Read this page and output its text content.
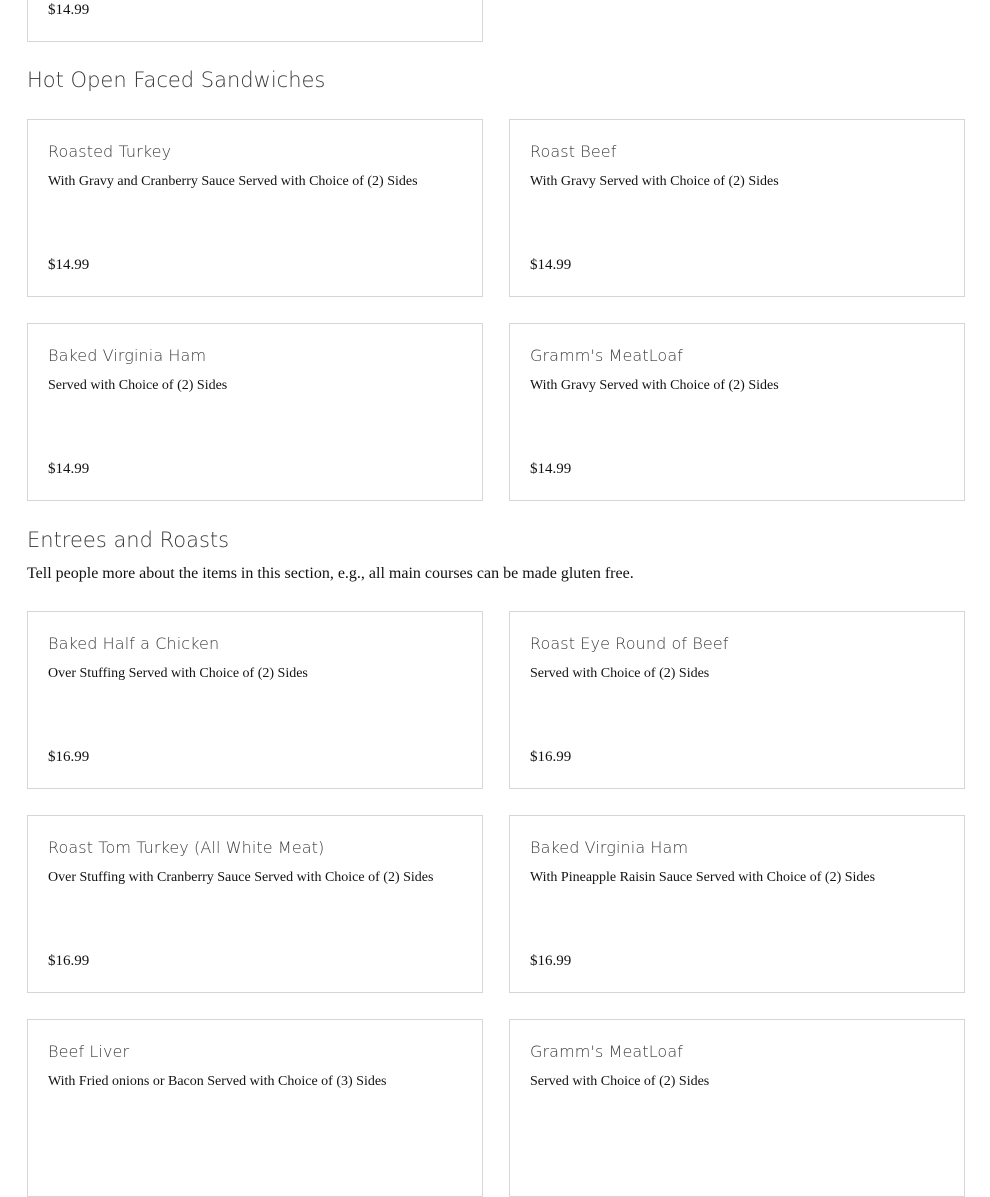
$14.99
Hot Open Faced Sandwiches
Roasted Turkey
With Gravy and Cranberry Sauce Served with Choice of (2) Sides
$14.99
Roast Beef
With Gravy Served with Choice of (2) Sides
$14.99
Baked Virginia Ham
Served with Choice of (2) Sides
$14.99
Gramm's MeatLoaf
With Gravy Served with Choice of (2) Sides
$14.99
Entrees and Roasts
Tell people more about the items in this section, e.g., all main courses can be made gluten free.
Baked Half a Chicken
Over Stuffing Served with Choice of (2) Sides
$16.99
Roast Eye Round of Beef
Served with Choice of (2) Sides
$16.99
Roast Tom Turkey (All White Meat)
Over Stuffing with Cranberry Sauce Served with Choice of (2) Sides
$16.99
Baked Virginia Ham
With Pineapple Raisin Sauce Served with Choice of (2) Sides
$16.99
Beef Liver
With Fried onions or Bacon Served with Choice of (3) Sides
Gramm's MeatLoaf
Served with Choice of (2) Sides
